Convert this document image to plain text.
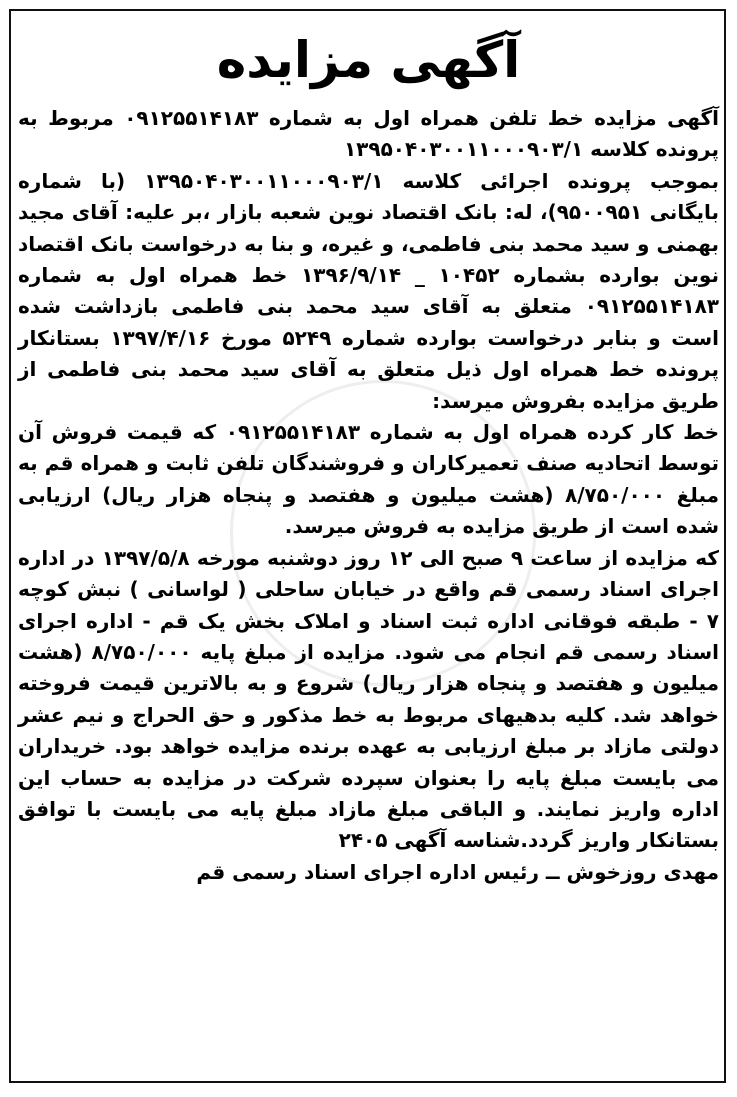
آگهی مزایده

آگهی مزایده خط تلفن همراه اول به شماره ۰۹۱۲۵۵۱۴۱۸۳ مربوط به پرونده کلاسه ۱۳۹۵۰۴۰۳۰۰۱۱۰۰۰۹۰۳/۱

بموجب پرونده اجرائی کلاسه ۱۳۹۵۰۴۰۳۰۰۱۱۰۰۰۹۰۳/۱ (با شماره بایگانی ۹۵۰۰۹۵۱)، له: بانک اقتصاد نوین شعبه بازار ،بر علیه: آقای مجید بهمنی و سید محمد بنی فاطمی، و غیره، و بنا به درخواست بانک اقتصاد نوین بوارده بشماره ۱۰۴۵۲ _ ۱۳۹۶/۹/۱۴ خط همراه اول به شماره ۰۹۱۲۵۵۱۴۱۸۳ متعلق به آقای سید محمد بنی فاطمی بازداشت شده است و بنابر درخواست بوارده شماره ۵۲۴۹ مورخ ۱۳۹۷/۴/۱۶ بستانکار پرونده خط همراه اول ذیل متعلق به آقای سید محمد بنی فاطمی از طریق مزایده بفروش میرسد:

خط کار کرده همراه اول به شماره ۰۹۱۲۵۵۱۴۱۸۳ که قیمت فروش آن توسط اتحادیه صنف تعمیرکاران و فروشندگان تلفن ثابت و همراه قم به مبلغ ۸/۷۵۰/۰۰۰ (هشت میلیون و هفتصد و پنجاه هزار ریال) ارزیابی شده است از طریق مزایده به فروش میرسد.

که مزایده از ساعت ۹ صبح الی ۱۲ روز دوشنبه مورخه ۱۳۹۷/۵/۸ در اداره اجرای اسناد رسمی قم واقع در خیابان ساحلی ( لواسانی ) نبش کوچه ۷ - طبقه فوقانی اداره ثبت اسناد و املاک بخش یک قم - اداره اجرای اسناد رسمی قم انجام می شود. مزایده از مبلغ پایه ۸/۷۵۰/۰۰۰ (هشت میلیون و هفتصد و پنجاه هزار ریال) شروع و به بالاترین قیمت فروخته خواهد شد. کلیه بدهیهای مربوط به خط مذکور و حق الحراج و نیم عشر دولتی مازاد بر مبلغ ارزیابی به عهده برنده مزایده خواهد بود. خریداران می بایست مبلغ پایه را بعنوان سپرده شرکت در مزایده به حساب این اداره واریز نمایند. و الباقی مبلغ مازاد مبلغ پایه می بایست با توافق بستانکار واریز گردد.شناسه آگهی ۲۴۰۵

مهدی روزخوش ــ رئیس اداره اجرای اسناد رسمی قم
